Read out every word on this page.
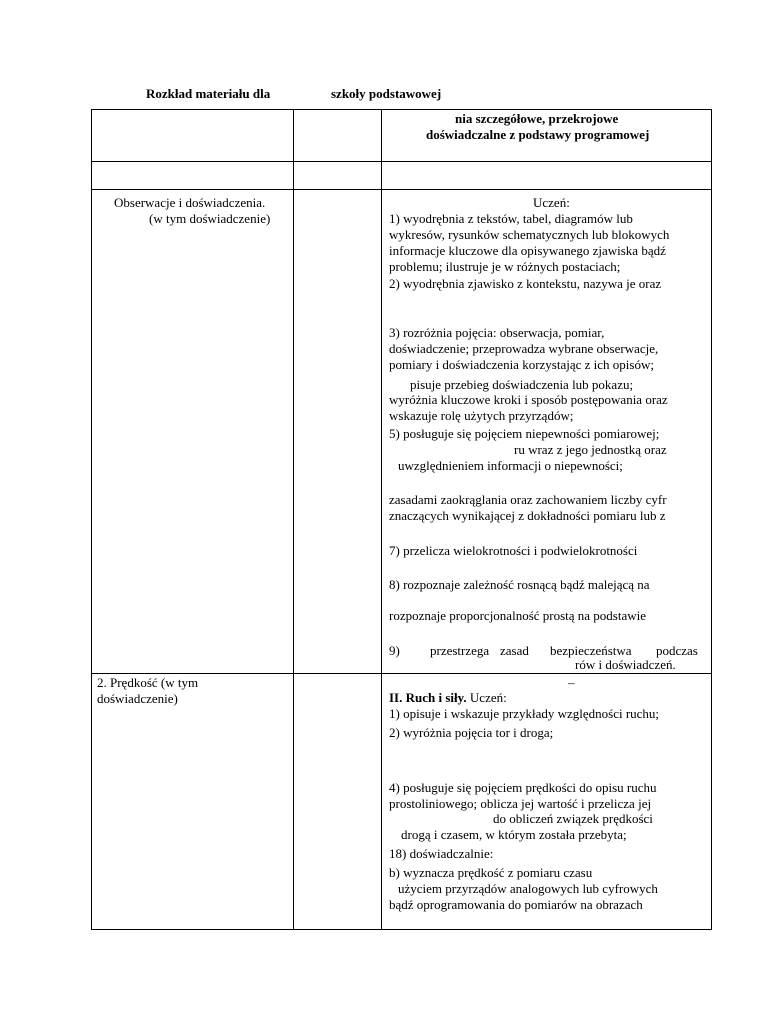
Rozkład materiału dla	szkoły podstawowej
nia szczegółowe, przekrojowe
doświadczalne z podstawy programowej
Obserwacje i doświadczenia.
(w tym doświadczenie)
Uczeń:
1) wyodrębnia z tekstów, tabel, diagramów lub
wykresów, rysunków schematycznych lub blokowych
informacje kluczowe dla opisywanego zjawiska bądź
problemu; ilustruje je w różnych postaciach;
2) wyodrębnia zjawisko z kontekstu, nazywa je oraz
3) rozróżnia pojęcia: obserwacja, pomiar,
doświadczenie; przeprowadza wybrane obserwacje,
pomiary i doświadczenia korzystając z ich opisów;
pisuje przebieg doświadczenia lub pokazu;
wyróżnia kluczowe kroki i sposób postępowania oraz
wskazuje rolę użytych przyrządów;
5) posługuje się pojęciem niepewności pomiarowej;
ru wraz z jego jednostką oraz
uwzględnieniem informacji o niepewności;
zasadami zaokrąglania oraz zachowaniem liczby cyfr
znaczących wynikającej z dokładności pomiaru lub z
7) przelicza wielokrotności i podwielokrotności
8) rozpoznaje zależność rosnącą bądź malejącą na
rozpoznaje proporcjonalność prostą na podstawie
9) przestrzega zasad bezpieczeństwa podczas
rów i doświadczeń.
2. Prędkość (w tym
doświadczenie)
–
II. Ruch i siły. Uczeń:
1) opisuje i wskazuje przykłady względności ruchu;
2) wyróżnia pojęcia tor i droga;
4) posługuje się pojęciem prędkości do opisu ruchu
prostoliniowego; oblicza jej wartość i przelicza jej
do obliczeń związek prędkości
drogą i czasem, w którym została przebyta;
18) doświadczalnie:
b) wyznacza prędkość z pomiaru czasu
użyciem przyrządów analogowych lub cyfrowych
bądź oprogramowania do pomiarów na obrazach
